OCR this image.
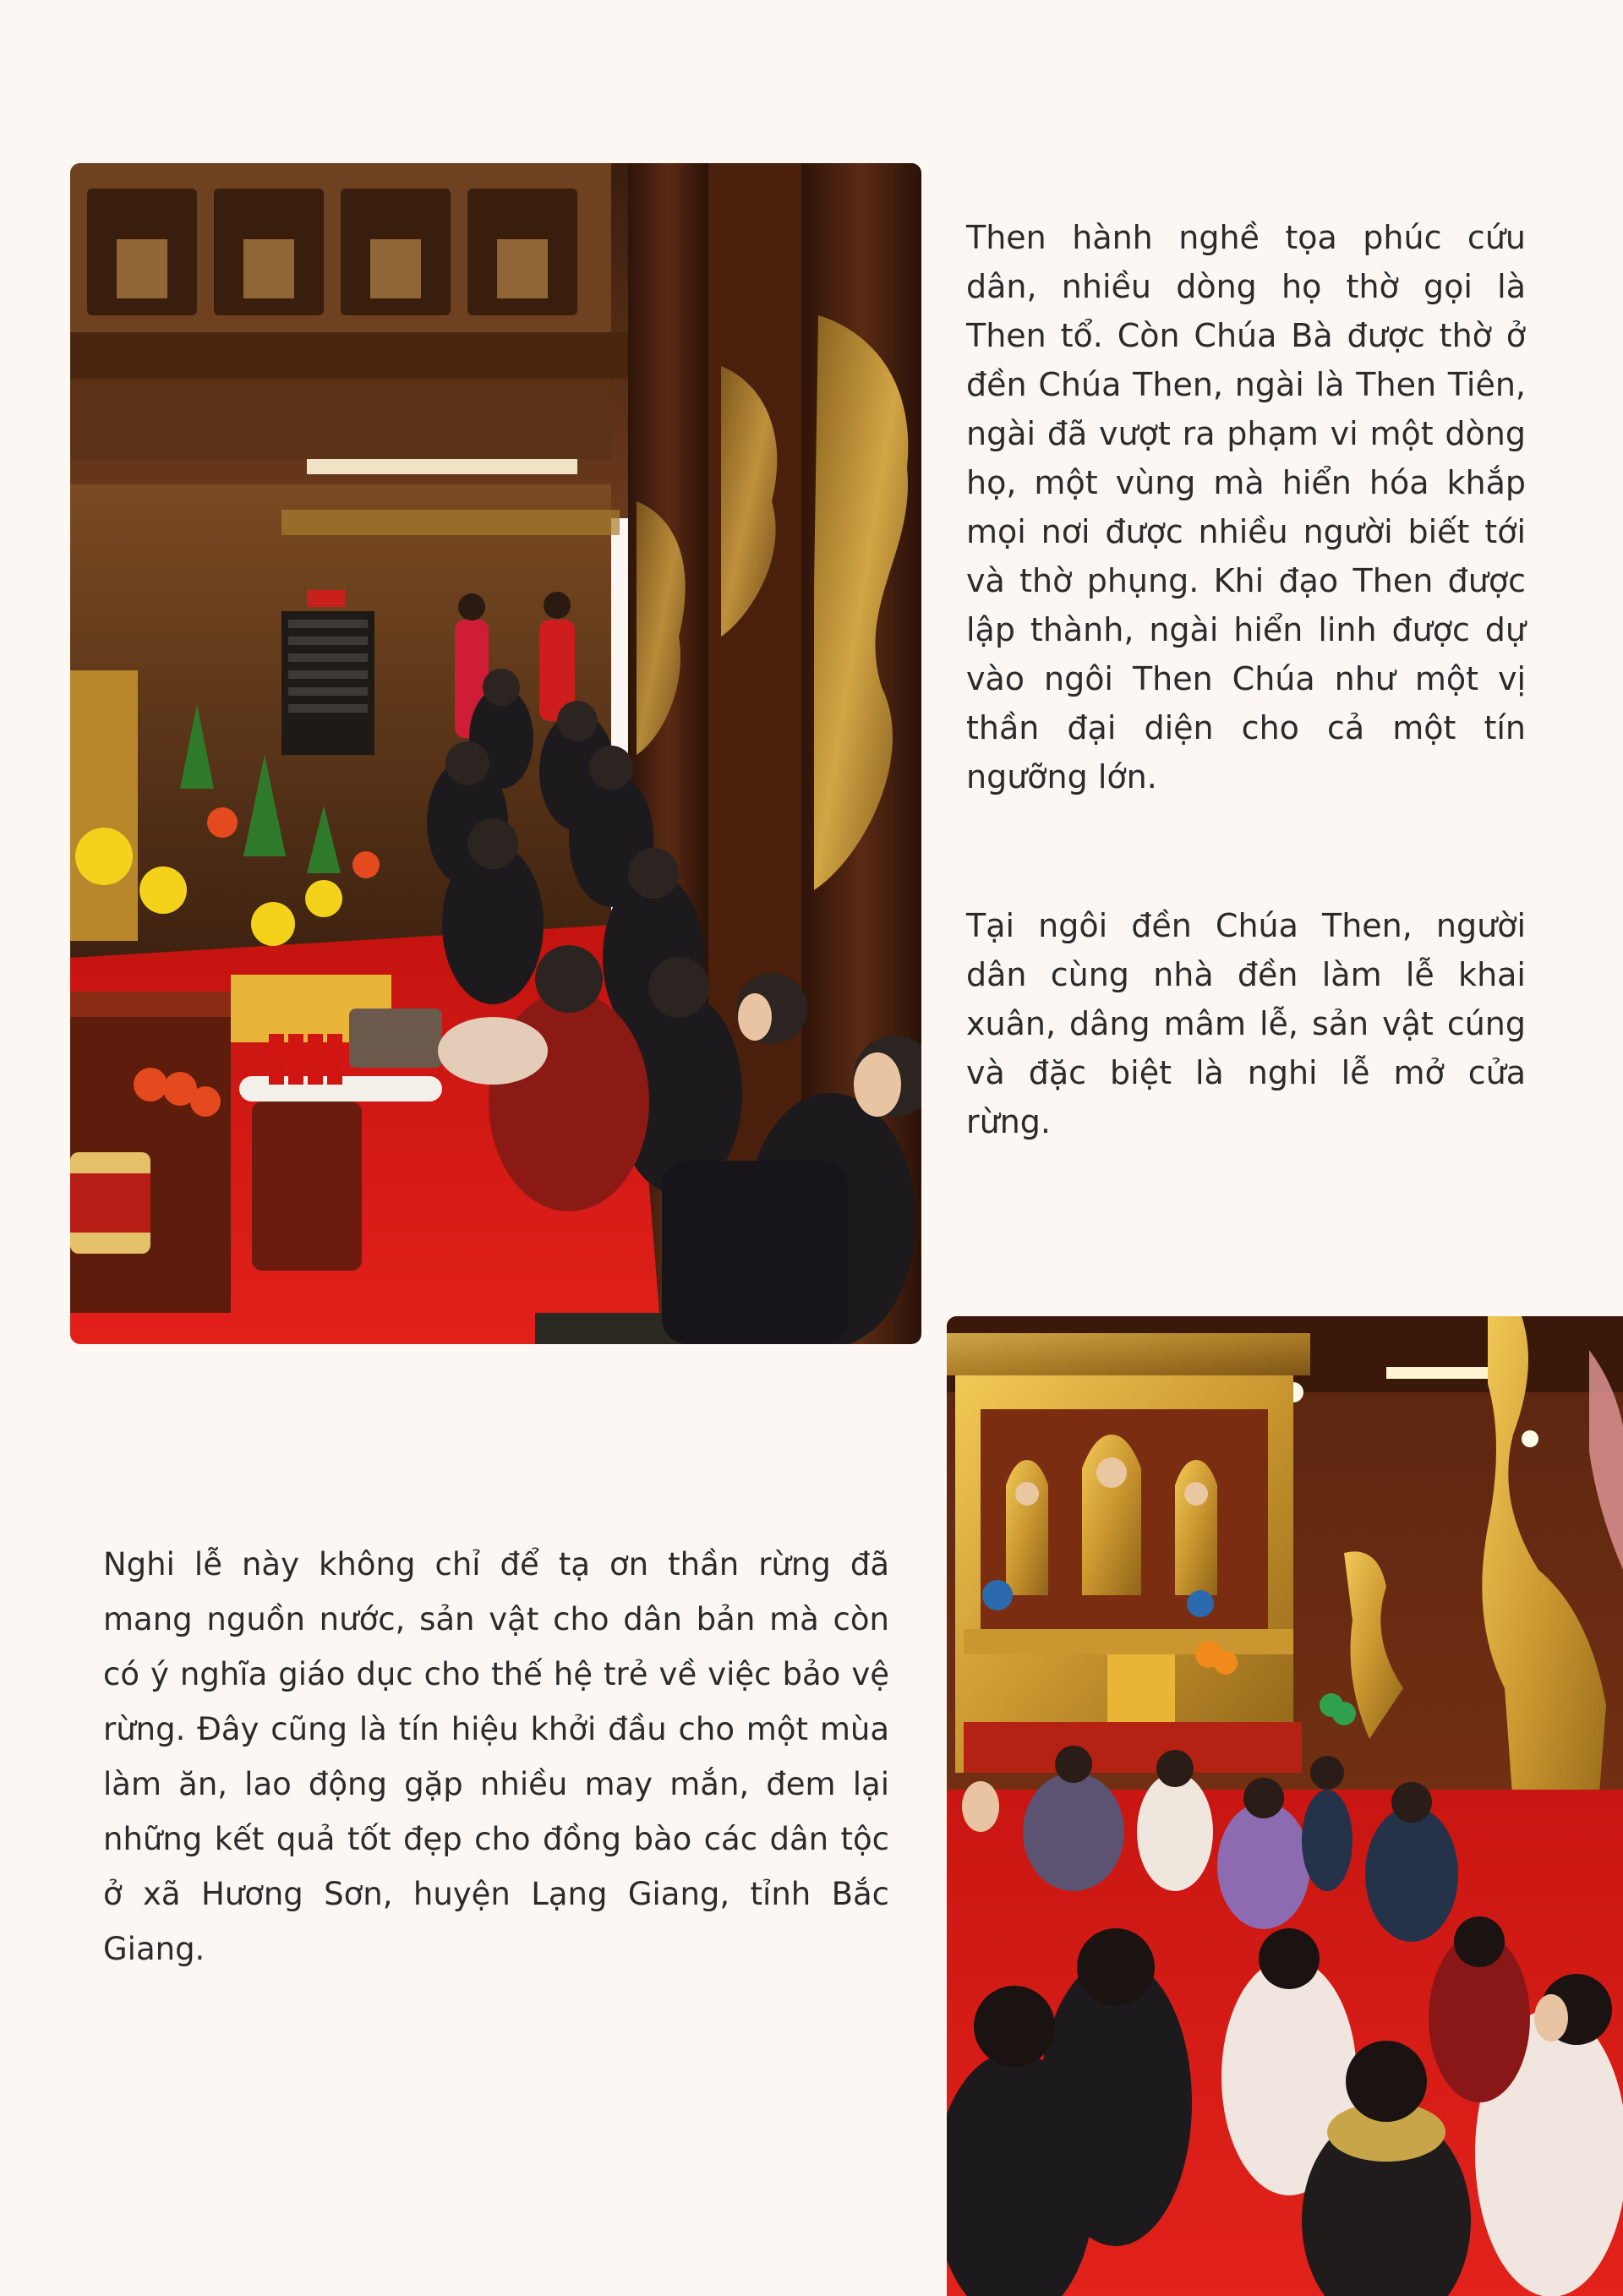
Then hành nghề tọa phúc cứu dân, nhiều dòng họ thờ gọi là Then tổ. Còn Chúa Bà được thờ ở đền Chúa Then, ngài là Then Tiên, ngài đã vượt ra phạm vi một dòng họ, một vùng mà hiển hóa khắp mọi nơi được nhiều người biết tới và thờ phụng. Khi đạo Then được lập thành, ngài hiển linh được dự vào ngôi Then Chúa như một vị thần đại diện cho cả một tín ngưỡng lớn.

Tại ngôi đền Chúa Then, người dân cùng nhà đền làm lễ khai xuân, dâng mâm lễ, sản vật cúng và đặc biệt là nghi lễ mở cửa rừng.

Nghi lễ này không chỉ để tạ ơn thần rừng đã mang nguồn nước, sản vật cho dân bản mà còn có ý nghĩa giáo dục cho thế hệ trẻ về việc bảo vệ rừng. Đây cũng là tín hiệu khởi đầu cho một mùa làm ăn, lao động gặp nhiều may mắn, đem lại những kết quả tốt đẹp cho đồng bào các dân tộc ở xã Hương Sơn, huyện Lạng Giang, tỉnh Bắc Giang.
